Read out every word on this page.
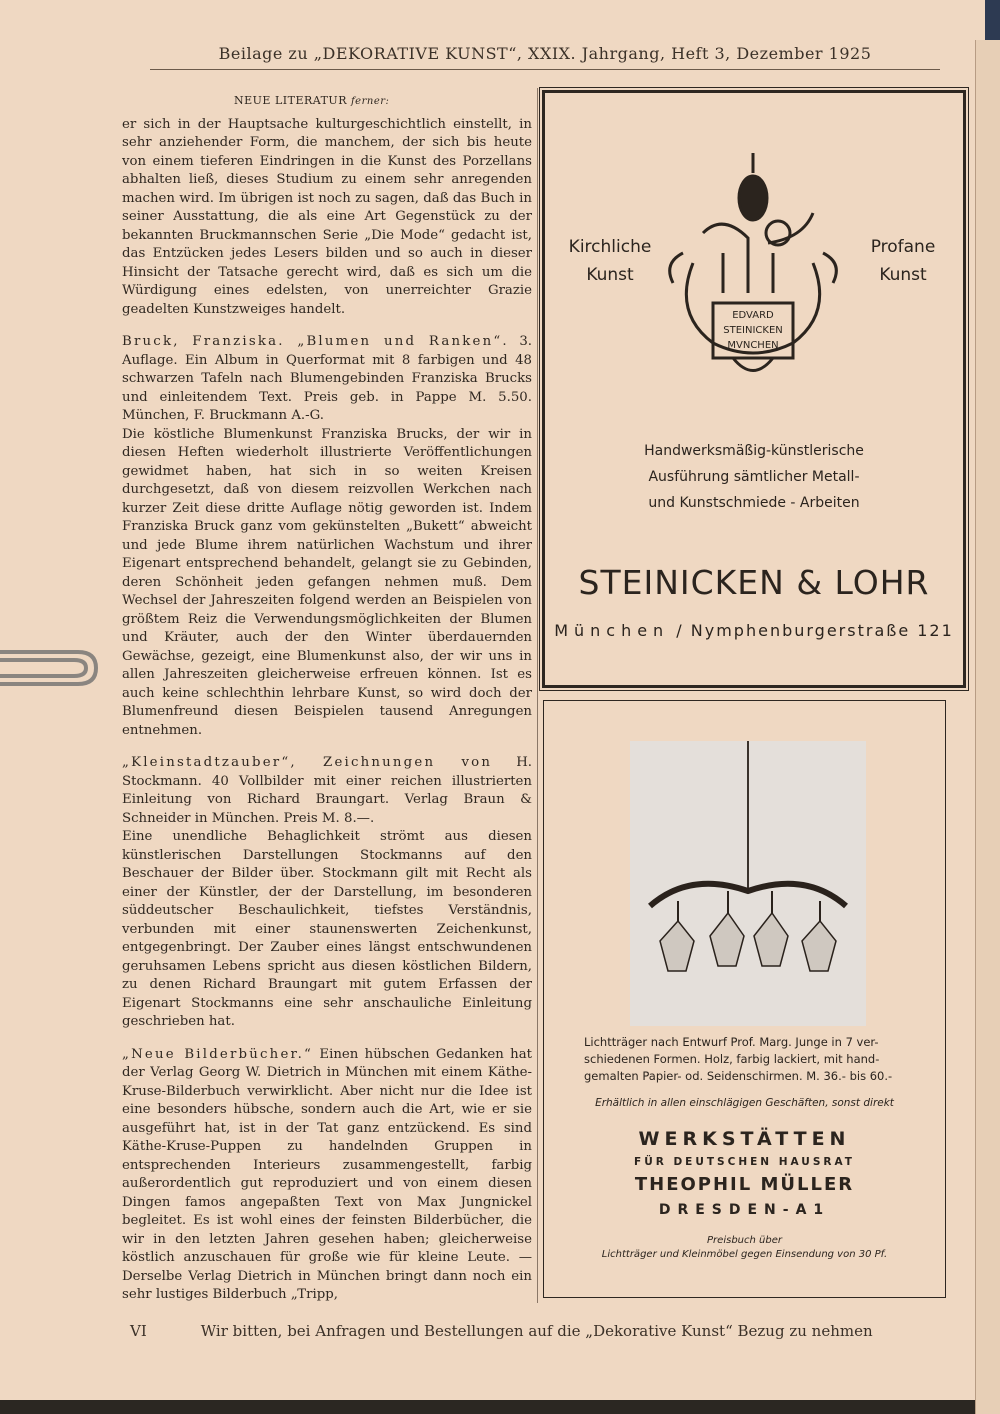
Beilage zu „DEKORATIVE KUNST“, XXIX. Jahrgang, Heft 3, Dezember 1925
NEUE LITERATUR ferner:

er sich in der Hauptsache kulturgeschichtlich einstellt, in sehr anziehender Form, die manchem, der sich bis heute von einem tieferen Eindringen in die Kunst des Porzellans abhalten ließ, dieses Studium zu einem sehr anregenden machen wird. Im übrigen ist noch zu sagen, daß das Buch in seiner Ausstattung, die als eine Art Gegenstück zu der bekannten Bruckmannschen Serie „Die Mode“ gedacht ist, das Entzücken jedes Lesers bilden und so auch in dieser Hinsicht der Tatsache gerecht wird, daß es sich um die Würdigung eines edelsten, von unerreichter Grazie geadelten Kunstzweiges handelt.

Bruck, Franziska. „Blumen und Ranken“. 3. Auflage. Ein Album in Querformat mit 8 farbigen und 48 schwarzen Tafeln nach Blumengebinden Franziska Brucks und einleitendem Text. Preis geb. in Pappe M. 5.50. München, F. Bruckmann A.-G.

Die köstliche Blumenkunst Franziska Brucks, der wir in diesen Heften wiederholt illustrierte Veröffentlichungen gewidmet haben, hat sich in so weiten Kreisen durchgesetzt, daß von diesem reizvollen Werkchen nach kurzer Zeit diese dritte Auflage nötig geworden ist. Indem Franziska Bruck ganz vom gekünstelten „Bukett“ abweicht und jede Blume ihrem natürlichen Wachstum und ihrer Eigenart entsprechend behandelt, gelangt sie zu Gebinden, deren Schönheit jeden gefangen nehmen muß. Dem Wechsel der Jahreszeiten folgend werden an Beispielen von größtem Reiz die Verwendungsmöglichkeiten der Blumen und Kräuter, auch der den Winter überdauernden Gewächse, gezeigt, eine Blumenkunst also, der wir uns in allen Jahreszeiten gleicherweise erfreuen können. Ist es auch keine schlechthin lehrbare Kunst, so wird doch der Blumenfreund diesen Beispielen tausend Anregungen entnehmen.

„Kleinstadtzauber“, Zeichnungen von H. Stockmann. 40 Vollbilder mit einer reichen illustrierten Einleitung von Richard Braungart. Verlag Braun & Schneider in München. Preis M. 8.—.

Eine unendliche Behaglichkeit strömt aus diesen künstlerischen Darstellungen Stockmanns auf den Beschauer der Bilder über. Stockmann gilt mit Recht als einer der Künstler, der der Darstellung, im besonderen süddeutscher Beschaulichkeit, tiefstes Verständnis, verbunden mit einer staunenswerten Zeichenkunst, entgegenbringt. Der Zauber eines längst entschwundenen geruhsamen Lebens spricht aus diesen köstlichen Bildern, zu denen Richard Braungart mit gutem Erfassen der Eigenart Stockmanns eine sehr anschauliche Einleitung geschrieben hat.

„Neue Bilderbücher.“ Einen hübschen Gedanken hat der Verlag Georg W. Dietrich in München mit einem Käthe-Kruse-Bilderbuch verwirklicht. Aber nicht nur die Idee ist eine besonders hübsche, sondern auch die Art, wie er sie ausgeführt hat, ist in der Tat ganz entzückend. Es sind Käthe-Kruse-Puppen zu handelnden Gruppen in entsprechenden Interieurs zusammengestellt, farbig außerordentlich gut reproduziert und von einem diesen Dingen famos angepaßten Text von Max Jungnickel begleitet. Es ist wohl eines der feinsten Bilderbücher, die wir in den letzten Jahren gesehen haben; gleicherweise köstlich anzuschauen für große wie für kleine Leute. — Derselbe Verlag Dietrich in München bringt dann noch ein sehr lustiges Bilderbuch „Tripp,

Kirchliche
Kunst
Profane
Kunst
EDVARD
STEINICKEN
MVNCHEN
Handwerksmäßig-künstlerische
Ausführung sämtlicher Metall-
und Kunstschmiede - Arbeiten
STEINICKEN & LOHR
München / Nymphenburgerstraße 121
Lichtträger nach Entwurf Prof. Marg. Junge in 7 ver-
schiedenen Formen. Holz, farbig lackiert, mit hand-
gemalten Papier- od. Seidenschirmen. M. 36.- bis 60.-
Erhältlich in allen einschlägigen Geschäften, sonst direkt
WERKSTÄTTEN
FÜR DEUTSCHEN HAUSRAT
THEOPHIL MÜLLER
DRESDEN-A1
Preisbuch über
Lichtträger und Kleinmöbel gegen Einsendung von 30 Pf.
VI	Wir bitten, bei Anfragen und Bestellungen auf die „Dekorative Kunst“ Bezug zu nehmen
